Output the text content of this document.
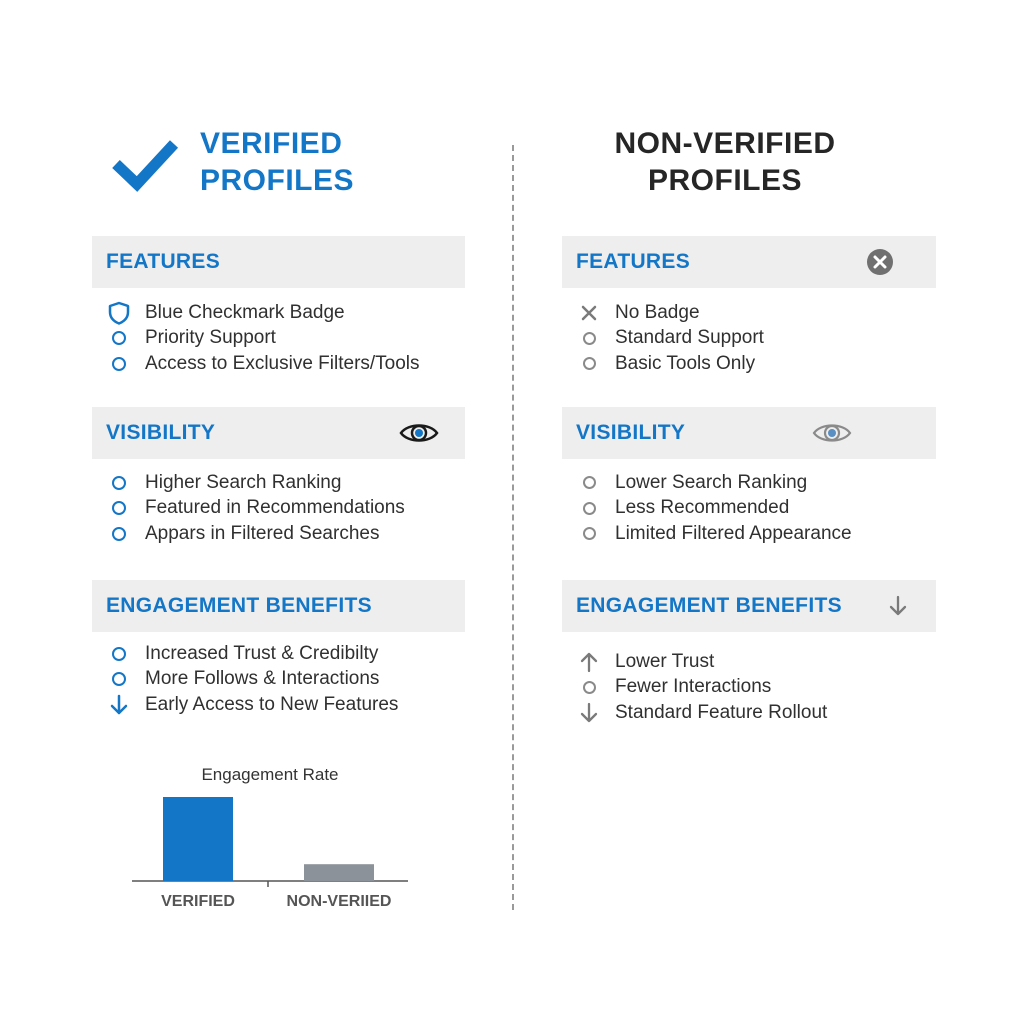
VERIFIED
PROFILES
FEATURES
Blue Checkmark Badge
Priority Support
Access to Exclusive Filters/Tools
VISIBILITY
Higher Search Ranking
Featured in Recommendations
Appars in Filtered Searches
ENGAGEMENT BENEFITS
Increased Trust & Credibilty
More Follows & Interactions
Early Access to New Features
NON-VERIFIED
PROFILES
FEATURES
No Badge
Standard Support
Basic Tools Only
VISIBILITY
Lower Search Ranking
Less Recommended
Limited Filtered Appearance
ENGAGEMENT BENEFITS
Lower Trust
Fewer Interactions
Standard Feature Rollout
Engagement Rate
VERIFIED	NON-VERIIED
